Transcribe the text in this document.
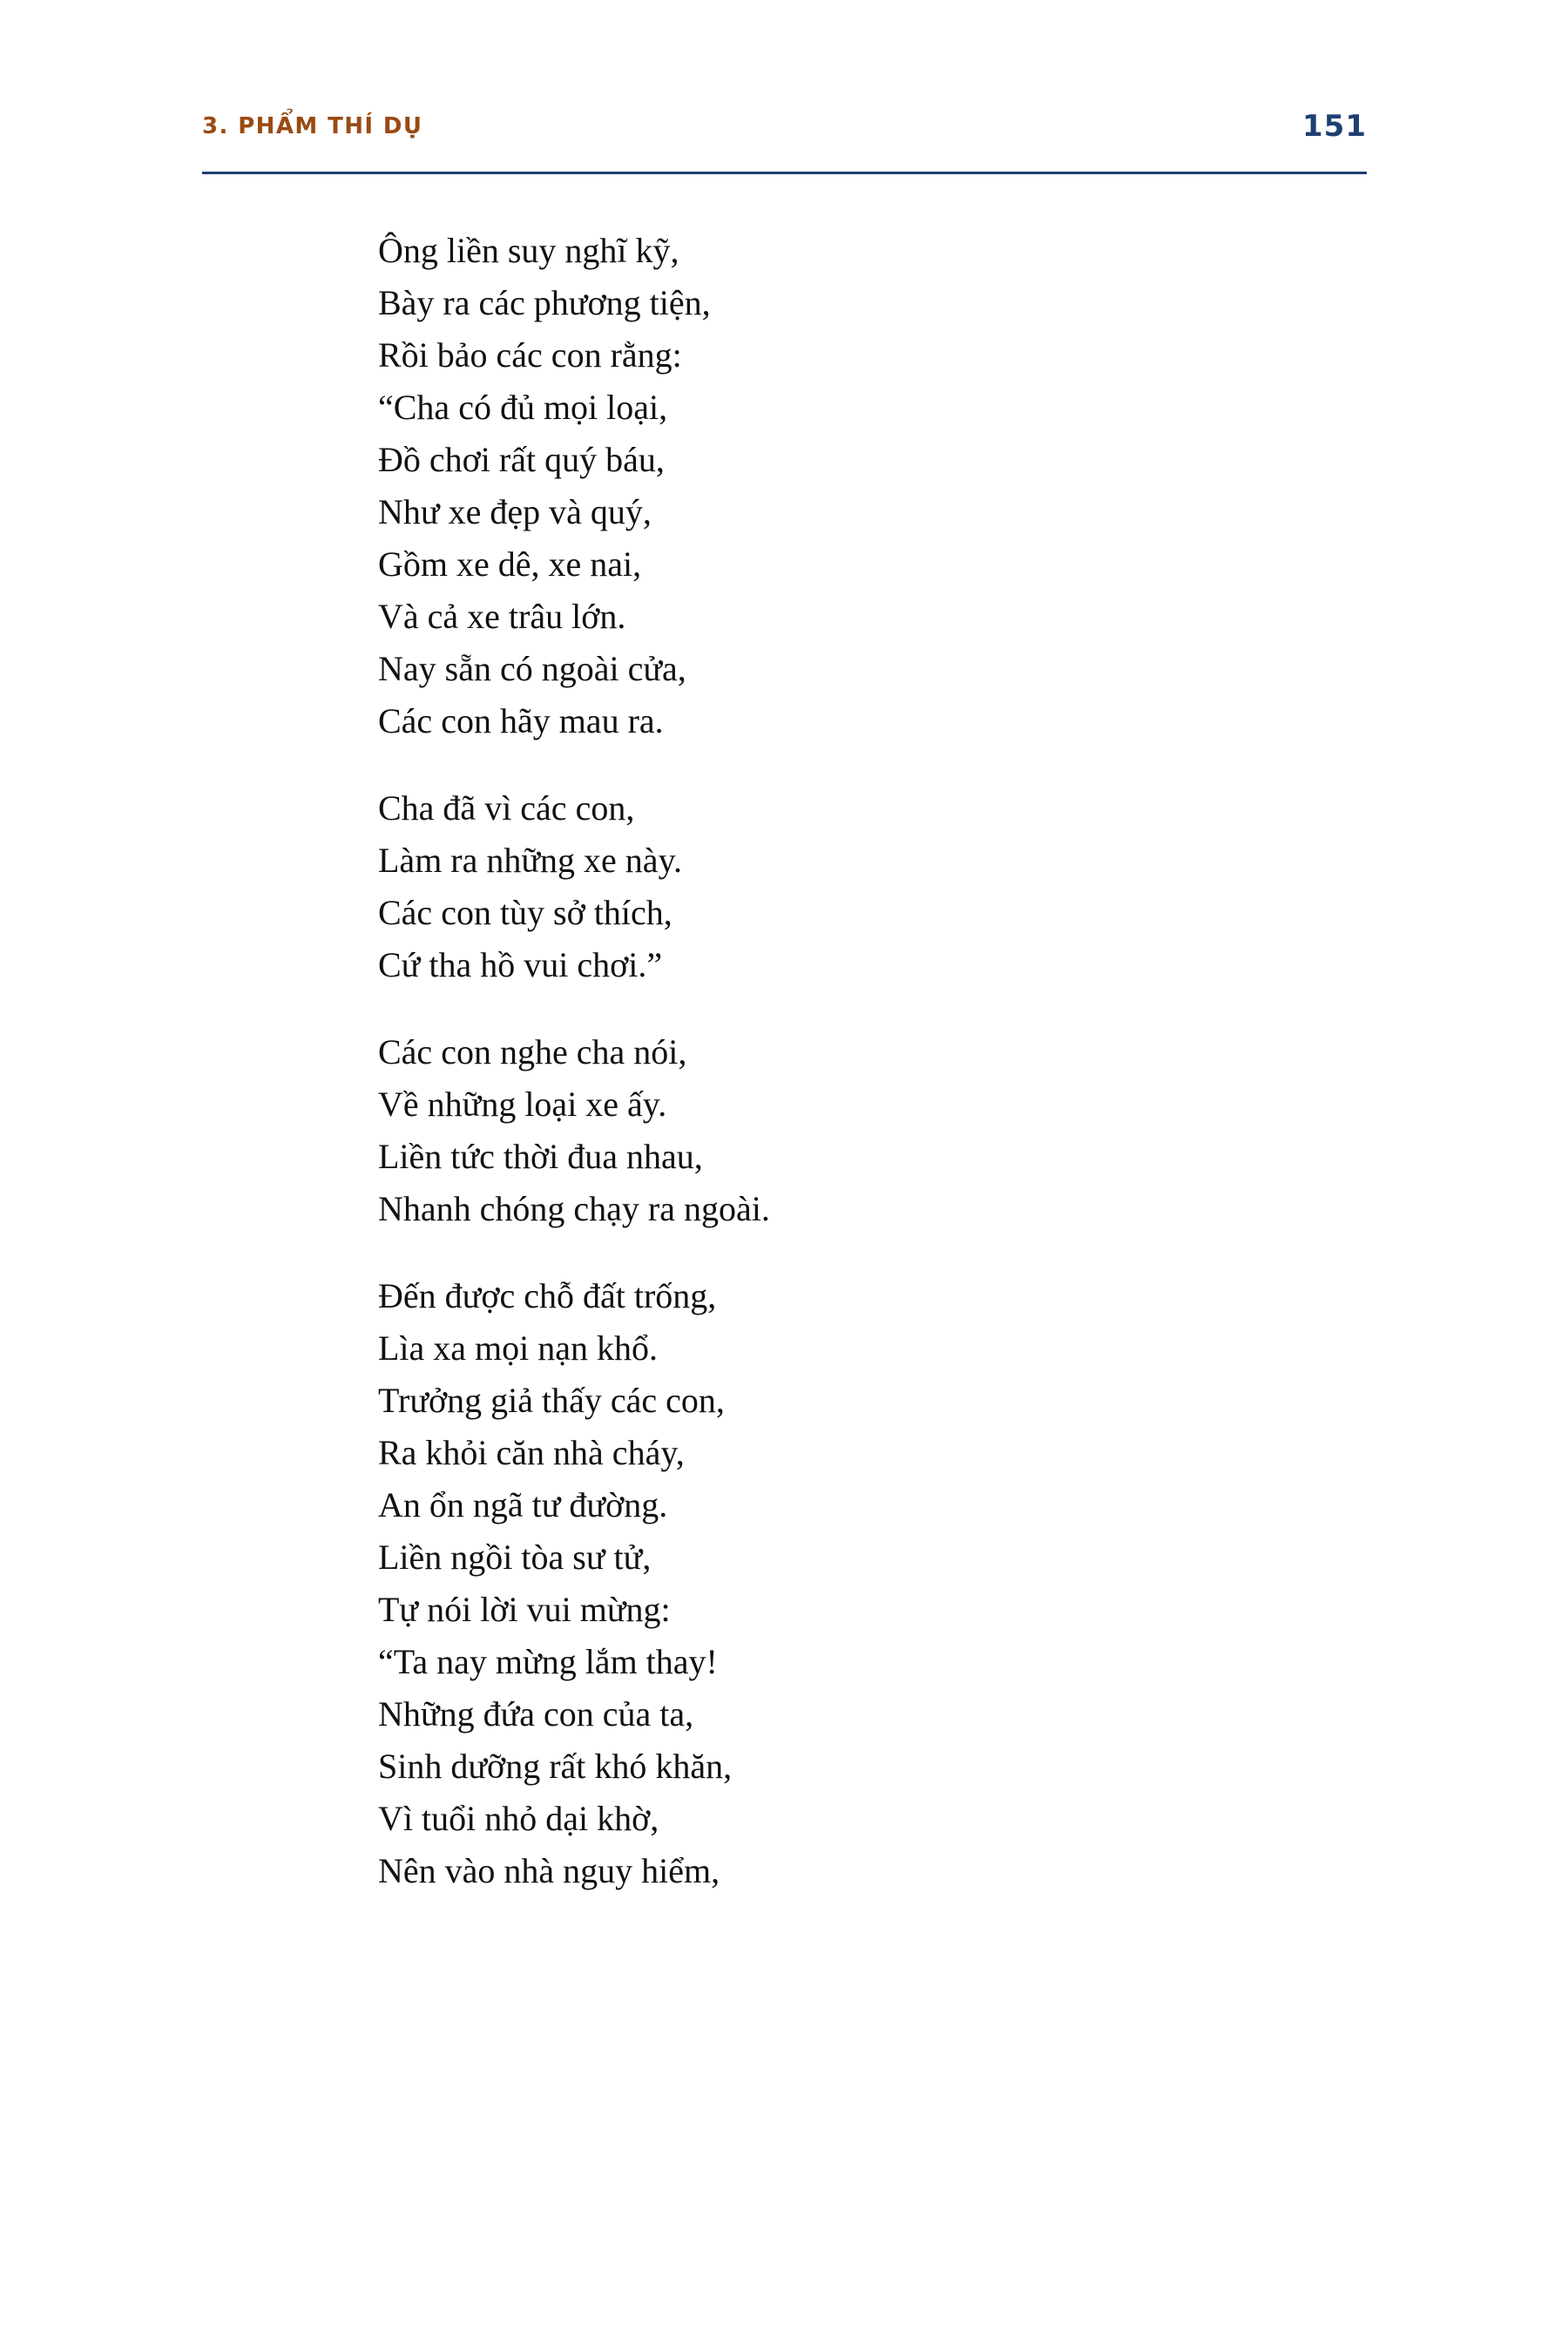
3. PHẨM THÍ DỤ	151
Ông liền suy nghĩ kỹ,
Bày ra các phương tiện,
Rồi bảo các con rằng:
“Cha có đủ mọi loại,
Đồ chơi rất quý báu,
Như xe đẹp và quý,
Gồm xe dê, xe nai,
Và cả xe trâu lớn.
Nay sẵn có ngoài cửa,
Các con hãy mau ra.
Cha đã vì các con,
Làm ra những xe này.
Các con tùy sở thích,
Cứ tha hồ vui chơi.”
Các con nghe cha nói,
Về những loại xe ấy.
Liền tức thời đua nhau,
Nhanh chóng chạy ra ngoài.
Đến được chỗ đất trống,
Lìa xa mọi nạn khổ.
Trưởng giả thấy các con,
Ra khỏi căn nhà cháy,
An ổn ngã tư đường.
Liền ngồi tòa sư tử,
Tự nói lời vui mừng:
“Ta nay mừng lắm thay!
Những đứa con của ta,
Sinh dưỡng rất khó khăn,
Vì tuổi nhỏ dại khờ,
Nên vào nhà nguy hiểm,
